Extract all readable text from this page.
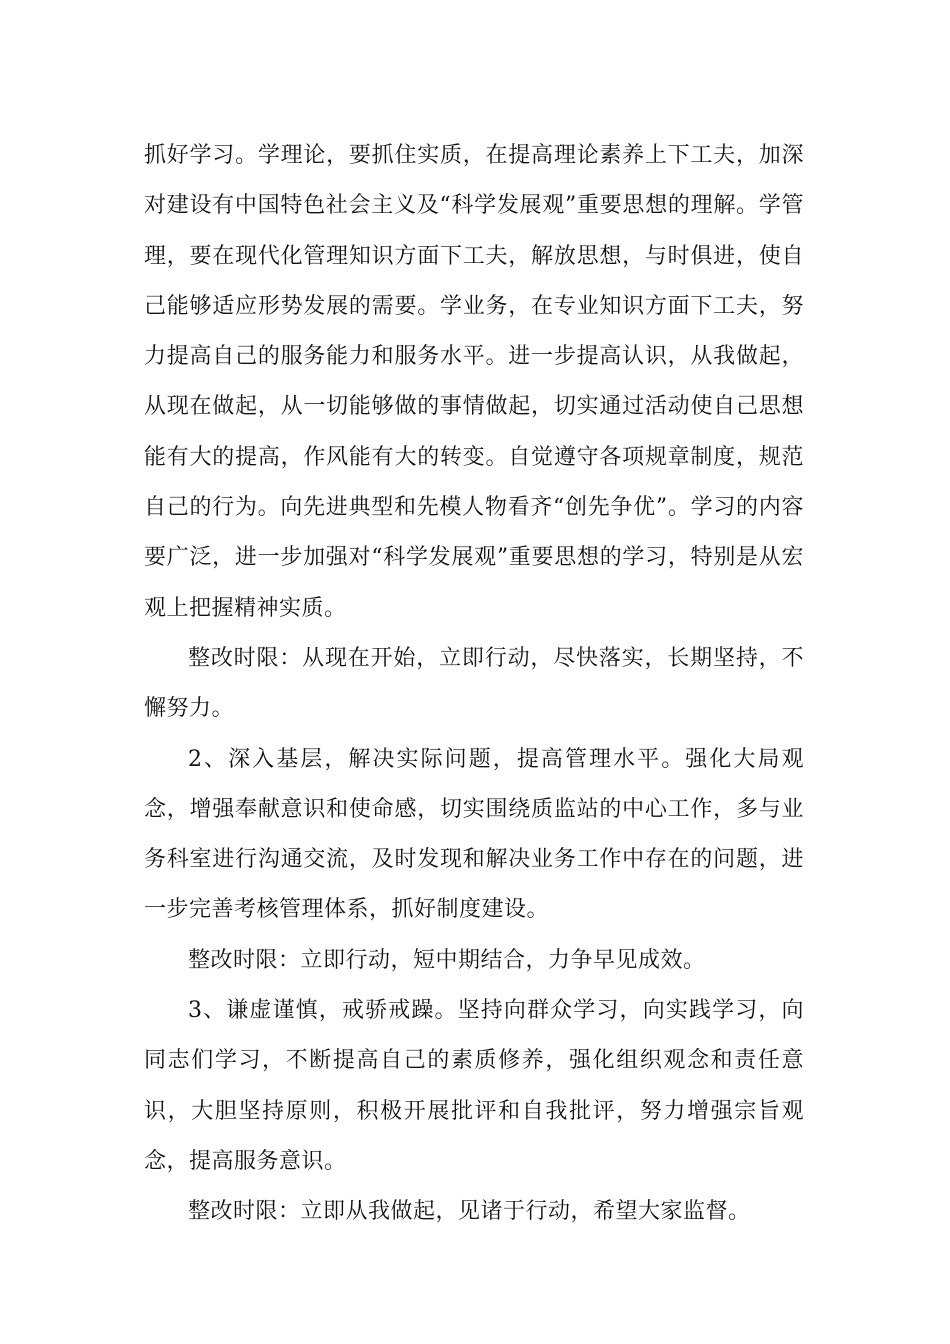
抓好学习。学理论，要抓住实质，在提高理论素养上下工夫，加深对建设有中国特色社会主义及“科学发展观”重要思想的理解。学管理，要在现代化管理知识方面下工夫，解放思想，与时俱进，使自己能够适应形势发展的需要。学业务，在专业知识方面下工夫，努力提高自己的服务能力和服务水平。进一步提高认识，从我做起，从现在做起，从一切能够做的事情做起，切实通过活动使自己思想能有大的提高，作风能有大的转变。自觉遵守各项规章制度，规范自己的行为。向先进典型和先模人物看齐“创先争优”。学习的内容要广泛，进一步加强对“科学发展观”重要思想的学习，特别是从宏观上把握精神实质。

整改时限：从现在开始，立即行动，尽快落实，长期坚持，不懈努力。

2、深入基层，解决实际问题，提高管理水平。强化大局观念，增强奉献意识和使命感，切实围绕质监站的中心工作，多与业务科室进行沟通交流，及时发现和解决业务工作中存在的问题，进一步完善考核管理体系，抓好制度建设。

整改时限：立即行动，短中期结合，力争早见成效。

3、谦虚谨慎，戒骄戒躁。坚持向群众学习，向实践学习，向同志们学习，不断提高自己的素质修养，强化组织观念和责任意识，大胆坚持原则，积极开展批评和自我批评，努力增强宗旨观念，提高服务意识。

整改时限：立即从我做起，见诸于行动，希望大家监督。
